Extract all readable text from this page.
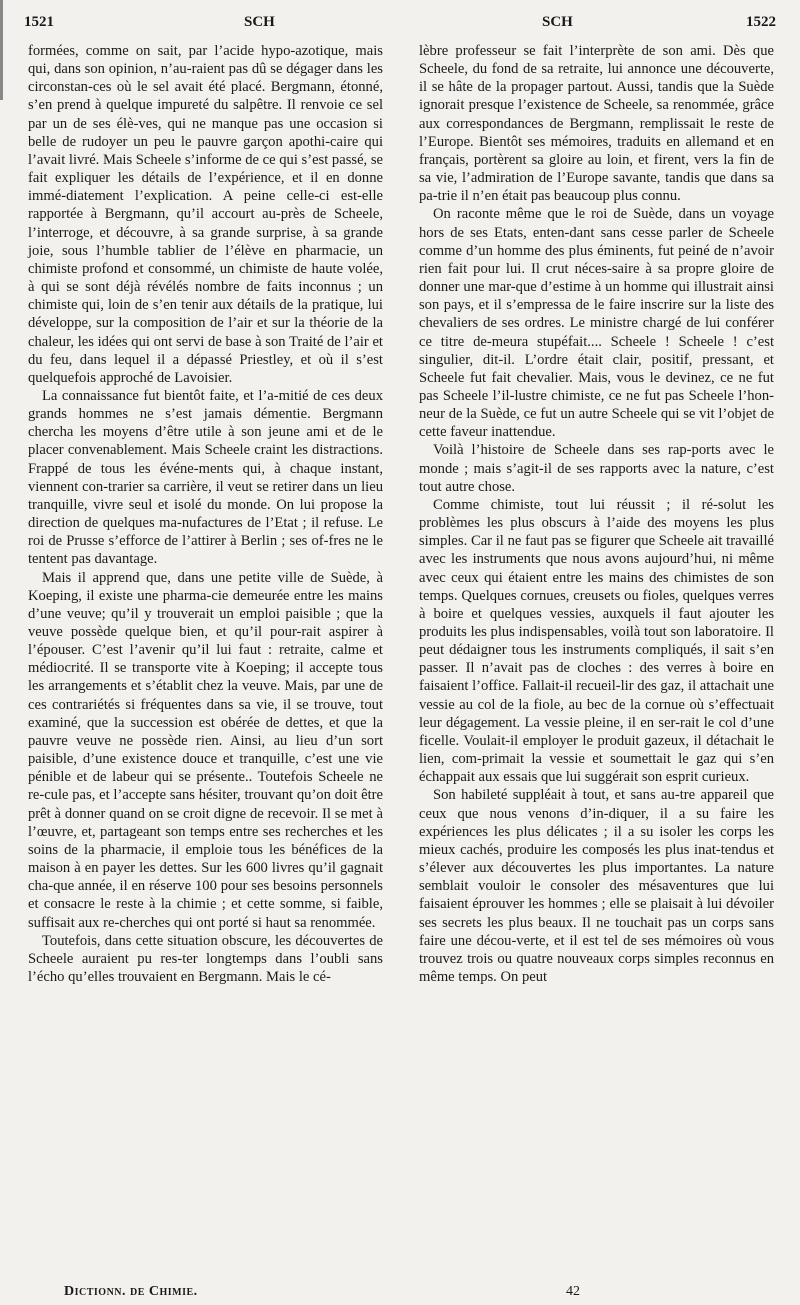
1521	SCH	SCH	1522

formées, comme on sait, par l’acide hypo-azotique, mais qui, dans son opinion, n’au-raient pas dû se dégager dans les circonstan-ces où le sel avait été placé. Bergmann, étonné, s’en prend à quelque impureté du salpêtre. Il renvoie ce sel par un de ses élè-ves, qui ne manque pas une occasion si belle de rudoyer un peu le pauvre garçon apothi-caire qui l’avait livré. Mais Scheele s’informe de ce qui s’est passé, se fait expliquer les détails de l’expérience, et il en donne immé-diatement l’explication. A peine celle-ci est-elle rapportée à Bergmann, qu’il accourt au-près de Scheele, l’interroge, et découvre, à sa grande surprise, à sa grande joie, sous l’humble tablier de l’élève en pharmacie, un chimiste profond et consommé, un chimiste de haute volée, à qui se sont déjà révélés nombre de faits inconnus ; un chimiste qui, loin de s’en tenir aux détails de la pratique, lui développe, sur la composition de l’air et sur la théorie de la chaleur, les idées qui ont servi de base à son Traité de l’air et du feu, dans lequel il a dépassé Priestley, et où il s’est quelquefois approché de Lavoisier.

La connaissance fut bientôt faite, et l’a-mitié de ces deux grands hommes ne s’est jamais démentie. Bergmann chercha les moyens d’être utile à son jeune ami et de le placer convenablement. Mais Scheele craint les distractions. Frappé de tous les événe-ments qui, à chaque instant, viennent con-trarier sa carrière, il veut se retirer dans un lieu tranquille, vivre seul et isolé du monde. On lui propose la direction de quelques ma-nufactures de l’Etat ; il refuse. Le roi de Prusse s’efforce de l’attirer à Berlin ; ses of-fres ne le tentent pas davantage.

Mais il apprend que, dans une petite ville de Suède, à Koeping, il existe une pharma-cie demeurée entre les mains d’une veuve; qu’il y trouverait un emploi paisible ; que la veuve possède quelque bien, et qu’il pour-rait aspirer à l’épouser. C’est l’avenir qu’il lui faut : retraite, calme et médiocrité. Il se transporte vite à Koeping; il accepte tous les arrangements et s’établit chez la veuve. Mais, par une de ces contrariétés si fréquentes dans sa vie, il se trouve, tout examiné, que la succession est obérée de dettes, et que la pauvre veuve ne possède rien. Ainsi, au lieu d’un sort paisible, d’une existence douce et tranquille, c’est une vie pénible et de labeur qui se présente.. Toutefois Scheele ne re-cule pas, et l’accepte sans hésiter, trouvant qu’on doit être prêt à donner quand on se croit digne de recevoir. Il se met à l’œuvre, et, partageant son temps entre ses recherches et les soins de la pharmacie, il emploie tous les bénéfices de la maison à en payer les dettes. Sur les 600 livres qu’il gagnait cha-que année, il en réserve 100 pour ses besoins personnels et consacre le reste à la chimie ; et cette somme, si faible, suffisait aux re-cherches qui ont porté si haut sa renommée.

Toutefois, dans cette situation obscure, les découvertes de Scheele auraient pu res-ter longtemps dans l’oubli sans l’écho qu’elles trouvaient en Bergmann. Mais le cé-

lèbre professeur se fait l’interprète de son ami. Dès que Scheele, du fond de sa retraite, lui annonce une découverte, il se hâte de la propager partout. Aussi, tandis que la Suède ignorait presque l’existence de Scheele, sa renommée, grâce aux correspondances de Bergmann, remplissait le reste de l’Europe. Bientôt ses mémoires, traduits en allemand et en français, portèrent sa gloire au loin, et firent, vers la fin de sa vie, l’admiration de l’Europe savante, tandis que dans sa pa-trie il n’en était pas beaucoup plus connu.

On raconte même que le roi de Suède, dans un voyage hors de ses Etats, enten-dant sans cesse parler de Scheele comme d’un homme des plus éminents, fut peiné de n’avoir rien fait pour lui. Il crut néces-saire à sa propre gloire de donner une mar-que d’estime à un homme qui illustrait ainsi son pays, et il s’empressa de le faire inscrire sur la liste des chevaliers de ses ordres. Le ministre chargé de lui conférer ce titre de-meura stupéfait.... Scheele ! Scheele ! c’est singulier, dit-il. L’ordre était clair, positif, pressant, et Scheele fut fait chevalier. Mais, vous le devinez, ce ne fut pas Scheele l’il-lustre chimiste, ce ne fut pas Scheele l’hon-neur de la Suède, ce fut un autre Scheele qui se vit l’objet de cette faveur inattendue.

Voilà l’histoire de Scheele dans ses rap-ports avec le monde ; mais s’agit-il de ses rapports avec la nature, c’est tout autre chose.

Comme chimiste, tout lui réussit ; il ré-solut les problèmes les plus obscurs à l’aide des moyens les plus simples. Car il ne faut pas se figurer que Scheele ait travaillé avec les instruments que nous avons aujourd’hui, ni même avec ceux qui étaient entre les mains des chimistes de son temps. Quelques cornues, creusets ou fioles, quelques verres à boire et quelques vessies, auxquels il faut ajouter les produits les plus indispensables, voilà tout son laboratoire. Il peut dédaigner tous les instruments compliqués, il sait s’en passer. Il n’avait pas de cloches : des verres à boire en faisaient l’office. Fallait-il recueil-lir des gaz, il attachait une vessie au col de la fiole, au bec de la cornue où s’effectuait leur dégagement. La vessie pleine, il en ser-rait le col d’une ficelle. Voulait-il employer le produit gazeux, il détachait le lien, com-primait la vessie et soumettait le gaz qui s’en échappait aux essais que lui suggérait son esprit curieux.

Son habileté suppléait à tout, et sans au-tre appareil que ceux que nous venons d’in-diquer, il a su faire les expériences les plus délicates ; il a su isoler les corps les mieux cachés, produire les composés les plus inat-tendus et s’élever aux découvertes les plus importantes. La nature semblait vouloir le consoler des mésaventures que lui faisaient éprouver les hommes ; elle se plaisait à lui dévoiler ses secrets les plus beaux. Il ne touchait pas un corps sans faire une décou-verte, et il est tel de ses mémoires où vous trouvez trois ou quatre nouveaux corps simples reconnus en même temps. On peut

Dictionn. de Chimie.	42
